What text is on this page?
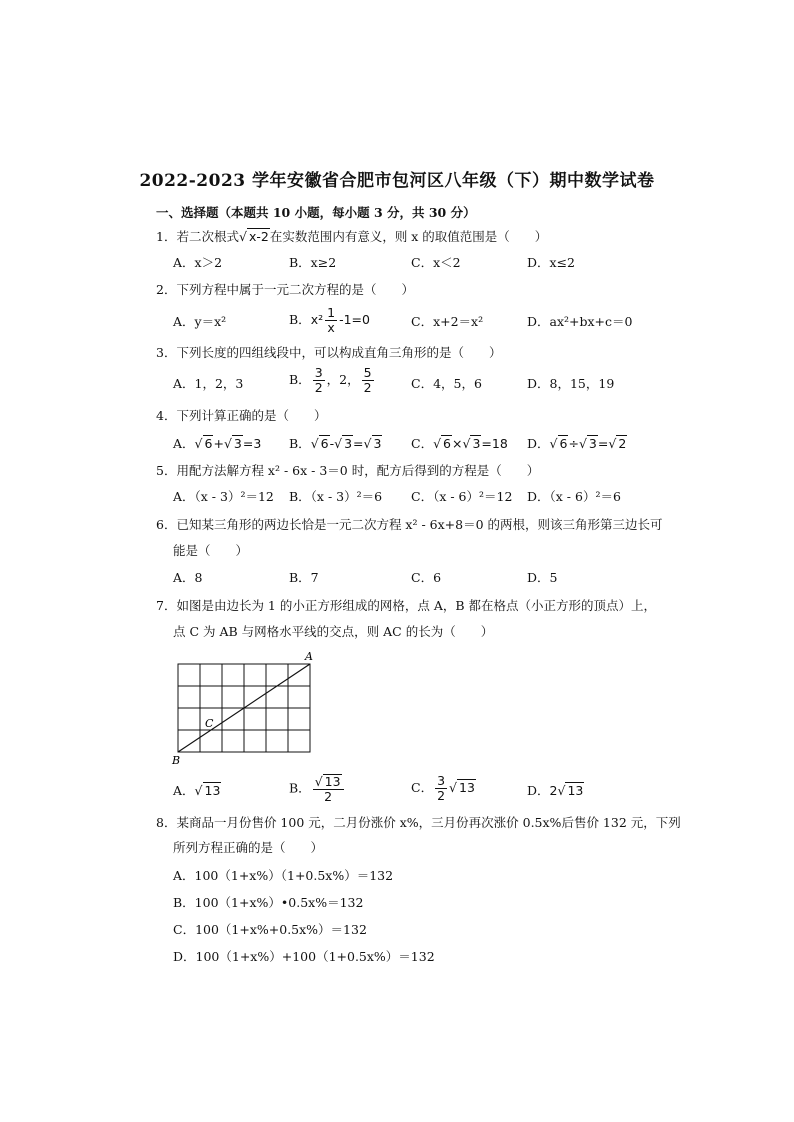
2022-2023 学年安徽省合肥市包河区八年级（下）期中数学试卷
一、选择题（本题共 10 小题，每小题 3 分，共 30 分）
1．若二次根式√ x-2在实数范围内有意义，则 x 的取值范围是（　　）
A．x＞2	B．x≥2	C．x＜2	D．x≤2
2．下列方程中属于一元二次方程的是（　　）
A．y＝x²	B．$x^2 \frac{1}{x} -1=0$	C．x+2＝x²	D．ax²+bx+c＝0
3．下列长度的四组线段中，可以构成直角三角形的是（　　）
A．1，2，3	B． $\frac{3}{2}$ ，2， $\frac{5}{2}$	C．4，5，6	D．8，15，19
4．下列计算正确的是（　　）
A．√ 6+√ 3=3 B．√ 6-√ 3=√ 3 C．√ 6×√ 3=18 D．√ 6÷√ 3=√ 2
5．用配方法解方程 x² - 6x - 3＝0 时，配方后得到的方程是（　　）
A．（x - 3）²＝12 B．（x - 3）²＝6 C．（x - 6）²＝12 D．（x - 6）²＝6
6．已知某三角形的两边长恰是一元二次方程 x² - 6x+8＝0 的两根，则该三角形第三边长可
能是（　　）
A．8	B．7	C．6	D．5
7．如图是由边长为 1 的小正方形组成的网格，点 A，B 都在格点（小正方形的顶点）上，
点 C 为 AB 与网格水平线的交点，则 AC 的长为（　　）
A
B
C
A．√ 13	B． $\frac{√ 13}{2}$	C． $\frac{3}{2}$ √ 13	D．2√ 13
8．某商品一月份售价 100 元，二月份涨价 x%，三月份再次涨价 0.5x%后售价 132 元，下列
所列方程正确的是（　　）
A．100（1+x%）（1+0.5x%）＝132
B．100（1+x%）•0.5x%＝132
C．100（1+x%+0.5x%）＝132
D．100（1+x%）+100（1+0.5x%）＝132
